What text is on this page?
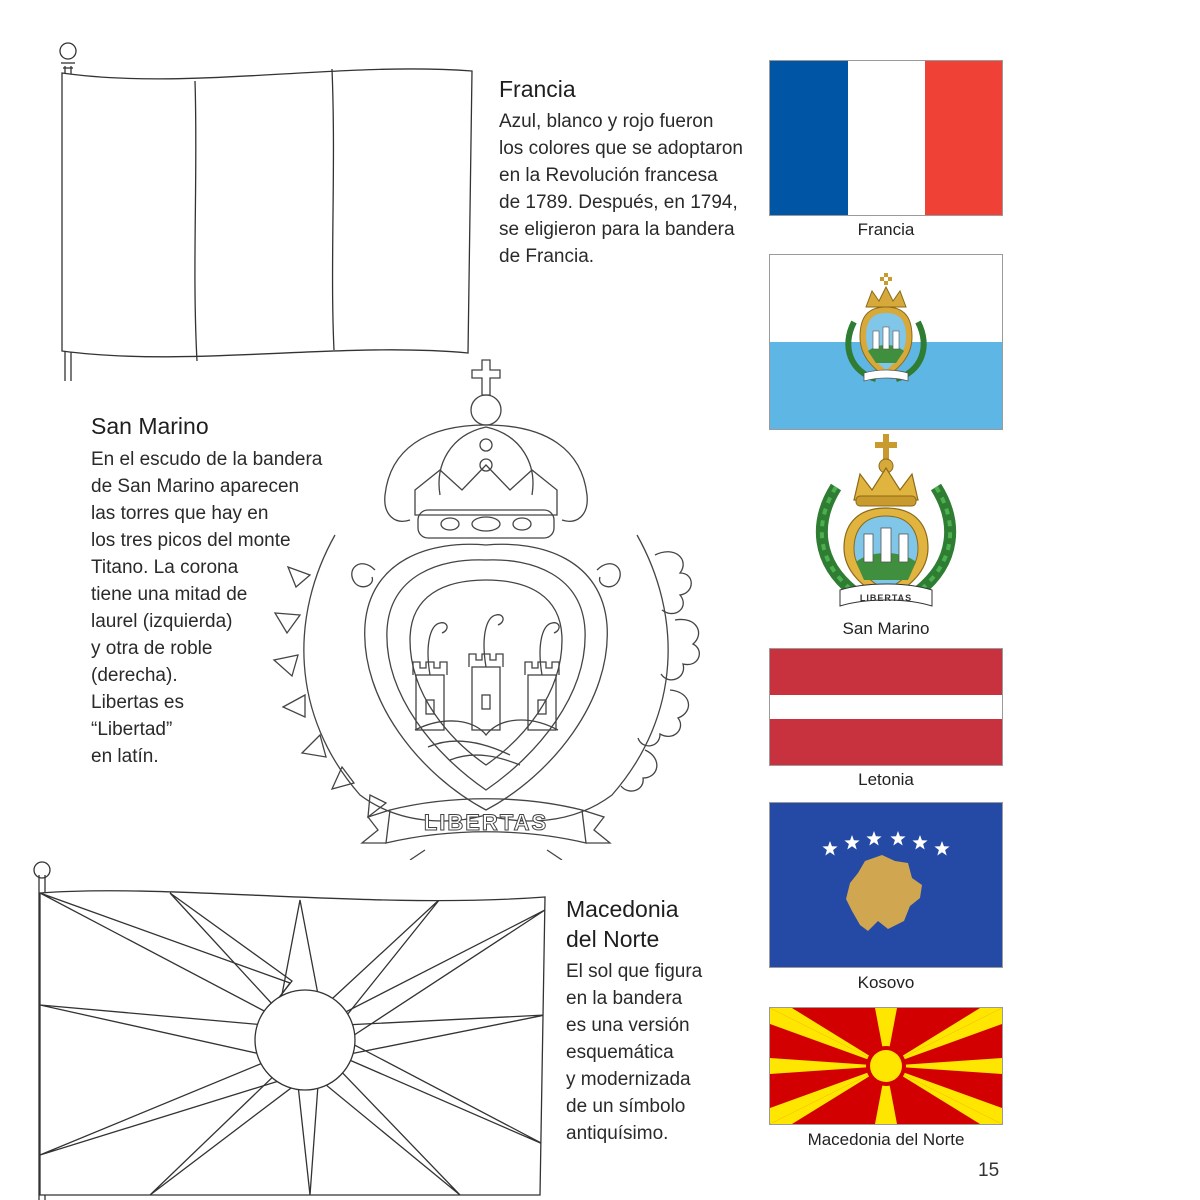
Francia
Azul, blanco y rojo fueron
los colores que se adoptaron
en la Revolución francesa
de 1789. Después, en 1794,
se eligieron para la bandera
de Francia.
San Marino
En el escudo de la bandera
de San Marino aparecen
las torres que hay en
los tres picos del monte
Titano. La corona
tiene una mitad de
laurel (izquierda)
y otra de roble
(derecha).
Libertas es
“Libertad”
en latín.
LIBERTAS
Macedonia
del Norte
El sol que figura
en la bandera
es una versión
esquemática
y modernizada
de un símbolo
antiquísimo.
Francia
LIBERTAS
San Marino
Letonia
Kosovo
Macedonia del Norte
15
